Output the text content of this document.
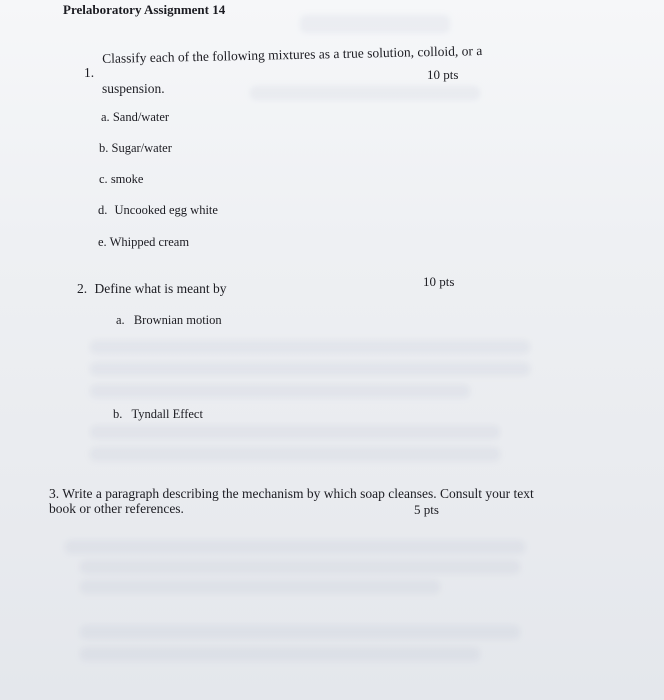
Prelaboratory Assignment 14
1.
Classify each of the following mixtures as a true solution, colloid, or a
10 pts
suspension.
a. Sand/water
b. Sugar/water
c. smoke
d. Uncooked egg white
e. Whipped cream
2. Define what is meant by	10 pts
a. Brownian motion
b. Tyndall Effect
3. Write a paragraph describing the mechanism by which soap cleanses. Consult your text
book or other references.	5 pts
